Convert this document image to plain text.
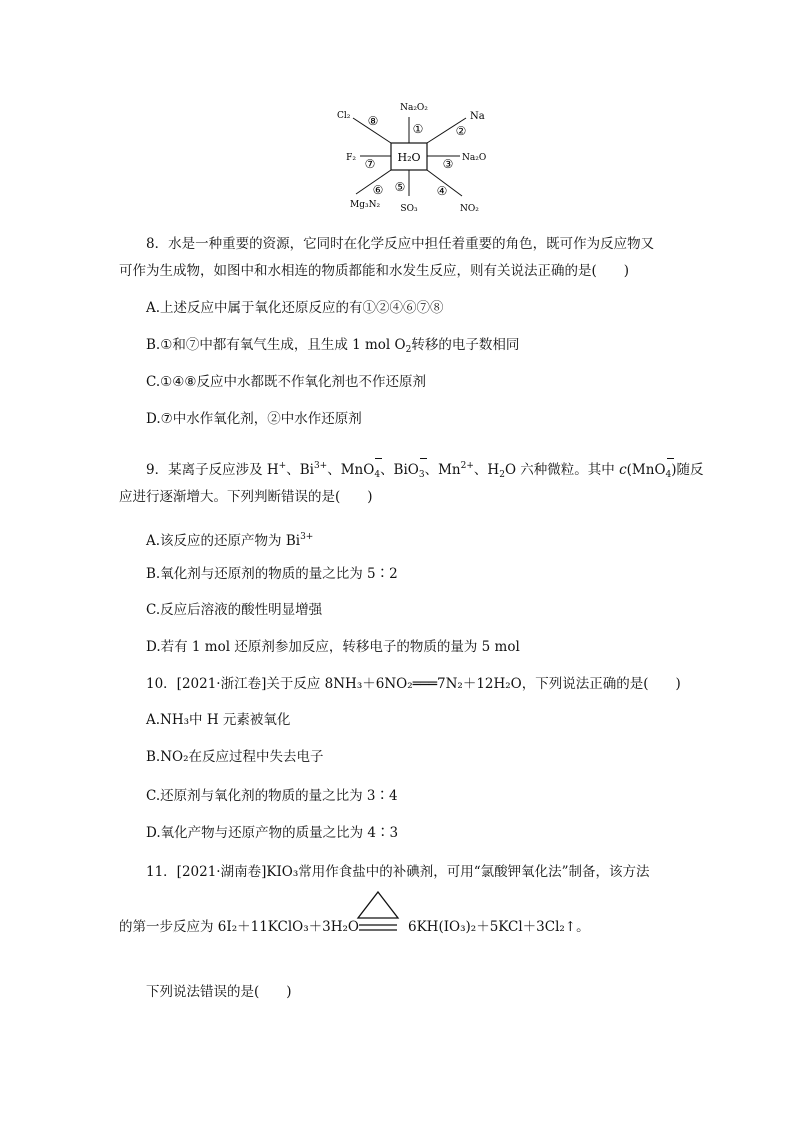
H₂O
①	②
③
④
⑤
⑥
⑦
⑧
Na₂O₂
Na
Na₂O
NO₂
SO₃
Mg₃N₂
F₂
Cl₂
8．水是一种重要的资源，它同时在化学反应中担任着重要的角色，既可作为反应物又
可作为生成物，如图中和水相连的物质都能和水发生反应，则有关说法正确的是(　　)
A.上述反应中属于氧化还原反应的有①②④⑥⑦⑧
B.①和⑦中都有氧气生成，且生成 1 mol $O_2$转移的电子数相同
C.①④⑧反应中水都既不作氧化剂也不作还原剂
D.⑦中水作氧化剂，②中水作还原剂
9．某离子反应涉及 H+、$Bi^{3+}$、MnO$_4$、BiO$_3$、$Mn^{2+}$、$H_2O$ 六种微粒。其中 c(MnO$_4$)随反
应进行逐渐增大。下列判断错误的是(　　)
A.该反应的还原产物为 $Bi^{3+}$
B.氧化剂与还原剂的物质的量之比为 5∶2
C.反应后溶液的酸性明显增强
D.若有 1 mol 还原剂参加反应，转移电子的物质的量为 5 mol
10．[2021·浙江卷]关于反应 8NH₃＋6NO₂═══7N₂＋12H₂O，下列说法正确的是(　　)
A.NH₃中 H 元素被氧化
B.NO₂在反应过程中失去电子
C.还原剂与氧化剂的物质的量之比为 3∶4
D.氧化产物与还原产物的质量之比为 4∶3
11．[2021·湖南卷]KIO₃常用作食盐中的补碘剂，可用“氯酸钾氧化法”制备，该方法
的第一步反应为 6I₂＋11KClO₃＋3H₂O	6KH(IO₃)₂＋5KCl＋3Cl₂↑。
下列说法错误的是(　　)
